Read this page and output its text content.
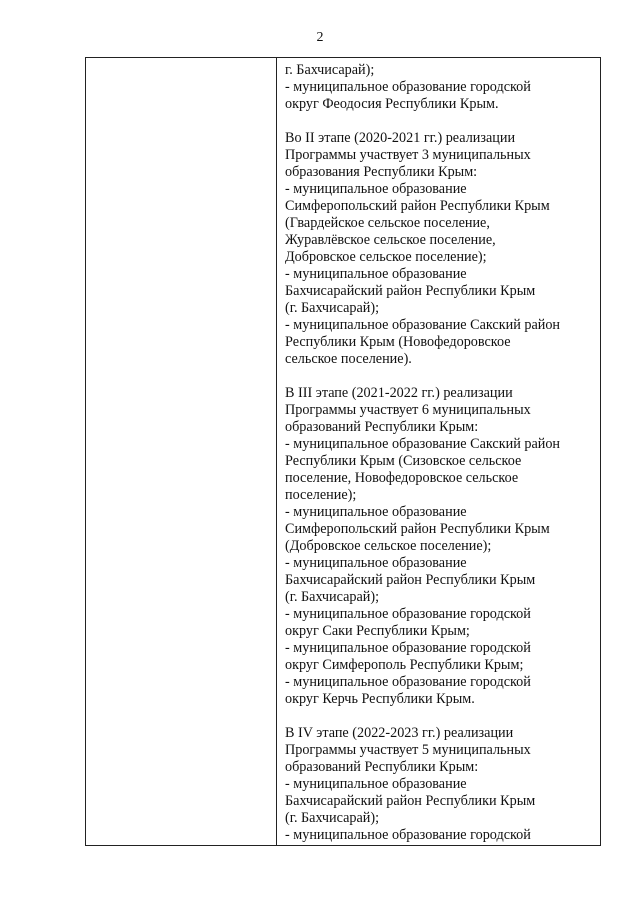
2
г. Бахчисарай);
- муниципальное образование городской
округ Феодосия Республики Крым.
Во II этапе (2020-2021 гг.) реализации
Программы участвует 3 муниципальных
образования Республики Крым:
- муниципальное образование
Симферопольский район Республики Крым
(Гвардейское сельское поселение,
Журавлёвское сельское поселение,
Добровское сельское поселение);
- муниципальное образование
Бахчисарайский район Республики Крым
(г. Бахчисарай);
- муниципальное образование Сакский район
Республики Крым (Новофедоровское
сельское поселение).
В III этапе (2021-2022 гг.) реализации
Программы участвует 6 муниципальных
образований Республики Крым:
- муниципальное образование Сакский район
Республики Крым (Сизовское сельское
поселение, Новофедоровское сельское
поселение);
- муниципальное образование
Симферопольский район Республики Крым
(Добровское сельское поселение);
- муниципальное образование
Бахчисарайский район Республики Крым
(г. Бахчисарай);
- муниципальное образование городской
округ Саки Республики Крым;
- муниципальное образование городской
округ Симферополь Республики Крым;
- муниципальное образование городской
округ Керчь Республики Крым.
В IV этапе (2022-2023 гг.) реализации
Программы участвует 5 муниципальных
образований Республики Крым:
- муниципальное образование
Бахчисарайский район Республики Крым
(г. Бахчисарай);
- муниципальное образование городской
